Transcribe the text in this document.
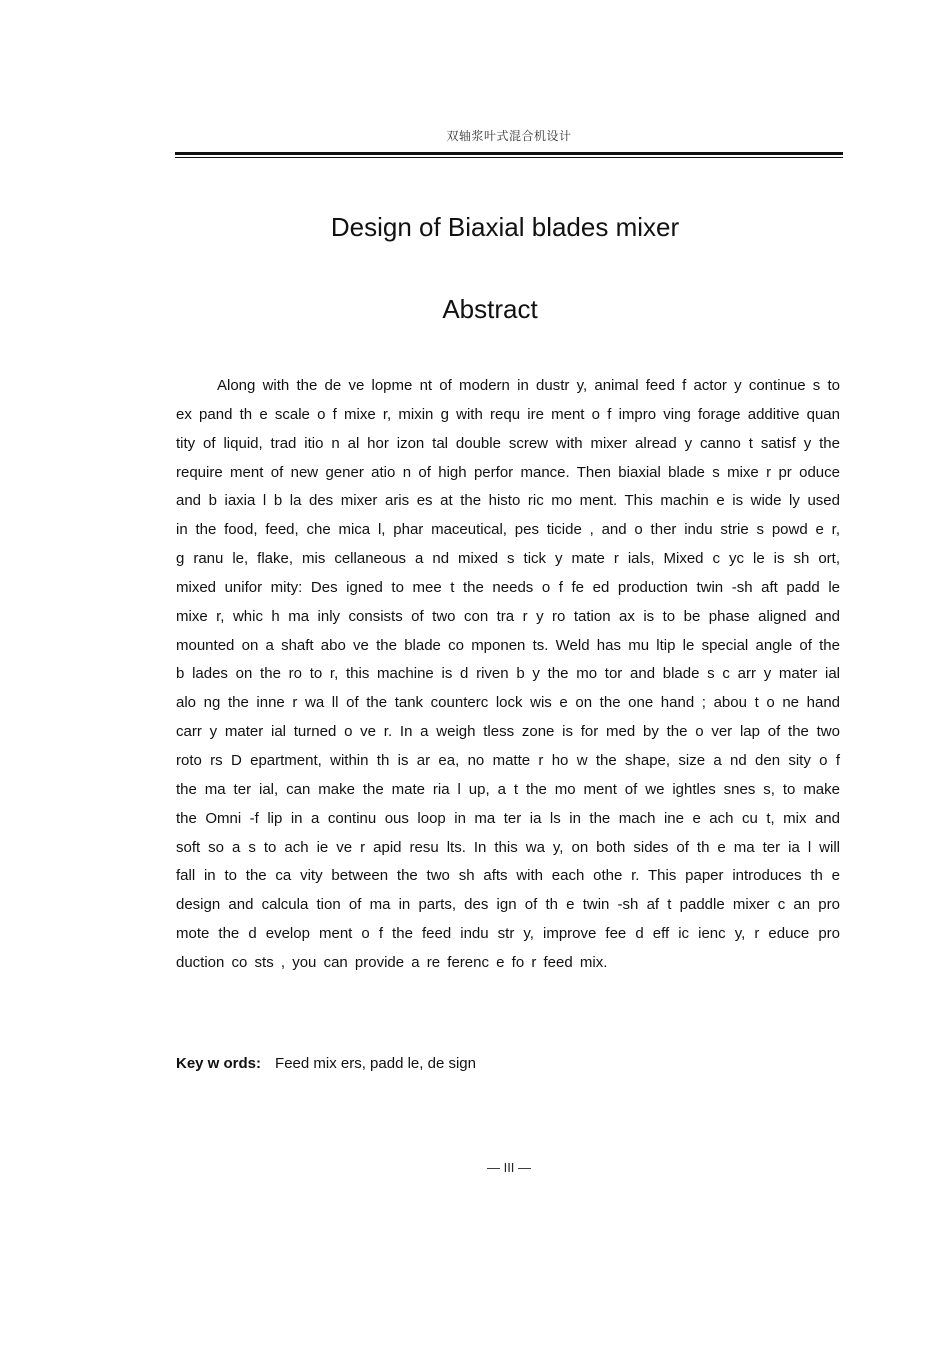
双轴浆叶式混合机设计
Design of Biaxial blades mixer
Abstract

Along with the de ve lopme nt of modern in dustr y, animal feed f actor y continue s to ex pand th e scale o f mixe r, mixin g with requ ire ment o f impro ving forage additive quan tity of liquid, trad itio n al hor izon tal double screw with mixer alread y canno t satisf y the require ment of new gener atio n of high perfor mance. Then biaxial blade s mixe r pr oduce and b iaxia l b la des mixer aris es at the histo ric mo ment. This machin e is wide ly used in the food, feed, che mica l, phar maceutical, pes ticide , and o ther indu strie s powd e r, g ranu le, flake, mis cellaneous a nd mixed s tick y mate r ials, Mixed c yc le is sh ort, mixed unifor mity: Des igned to mee t the needs o f fe ed production twin -sh aft padd le mixe r, whic h ma inly consists of two con tra r y ro tation ax is to be phase aligned and mounted on a shaft abo ve the blade co mponen ts. Weld has mu ltip le special angle of the b lades on the ro to r, this machine is d riven b y the mo tor and blade s c arr y mater ial alo ng the inne r wa ll of the tank counterc lock wis e on the one hand ; abou t o ne hand carr y mater ial turned o ve r. In a weigh tless zone is for med by the o ver lap of the two roto rs D epartment, within th is ar ea, no matte r ho w the shape, size a nd den sity o f the ma ter ial, can make the mate ria l up, a t the mo ment of we ightles snes s, to make the Omni -f lip in a continu ous loop in ma ter ia ls in the mach ine e ach cu t, mix and soft so a s to ach ie ve r apid resu lts. In this wa y, on both sides of th e ma ter ia l will fall in to the ca vity between the two sh afts with each othe r. This paper introduces th e design and calcula tion of ma in parts, des ign of th e twin -sh af t paddle mixer c an pro mote the d evelop ment o f the feed indu str y, improve fee d eff ic ienc y, r educe pro duction co sts , you can provide a re ferenc e fo r feed mix.

Key w ords: Feed mix ers, padd le, de sign
— III —
